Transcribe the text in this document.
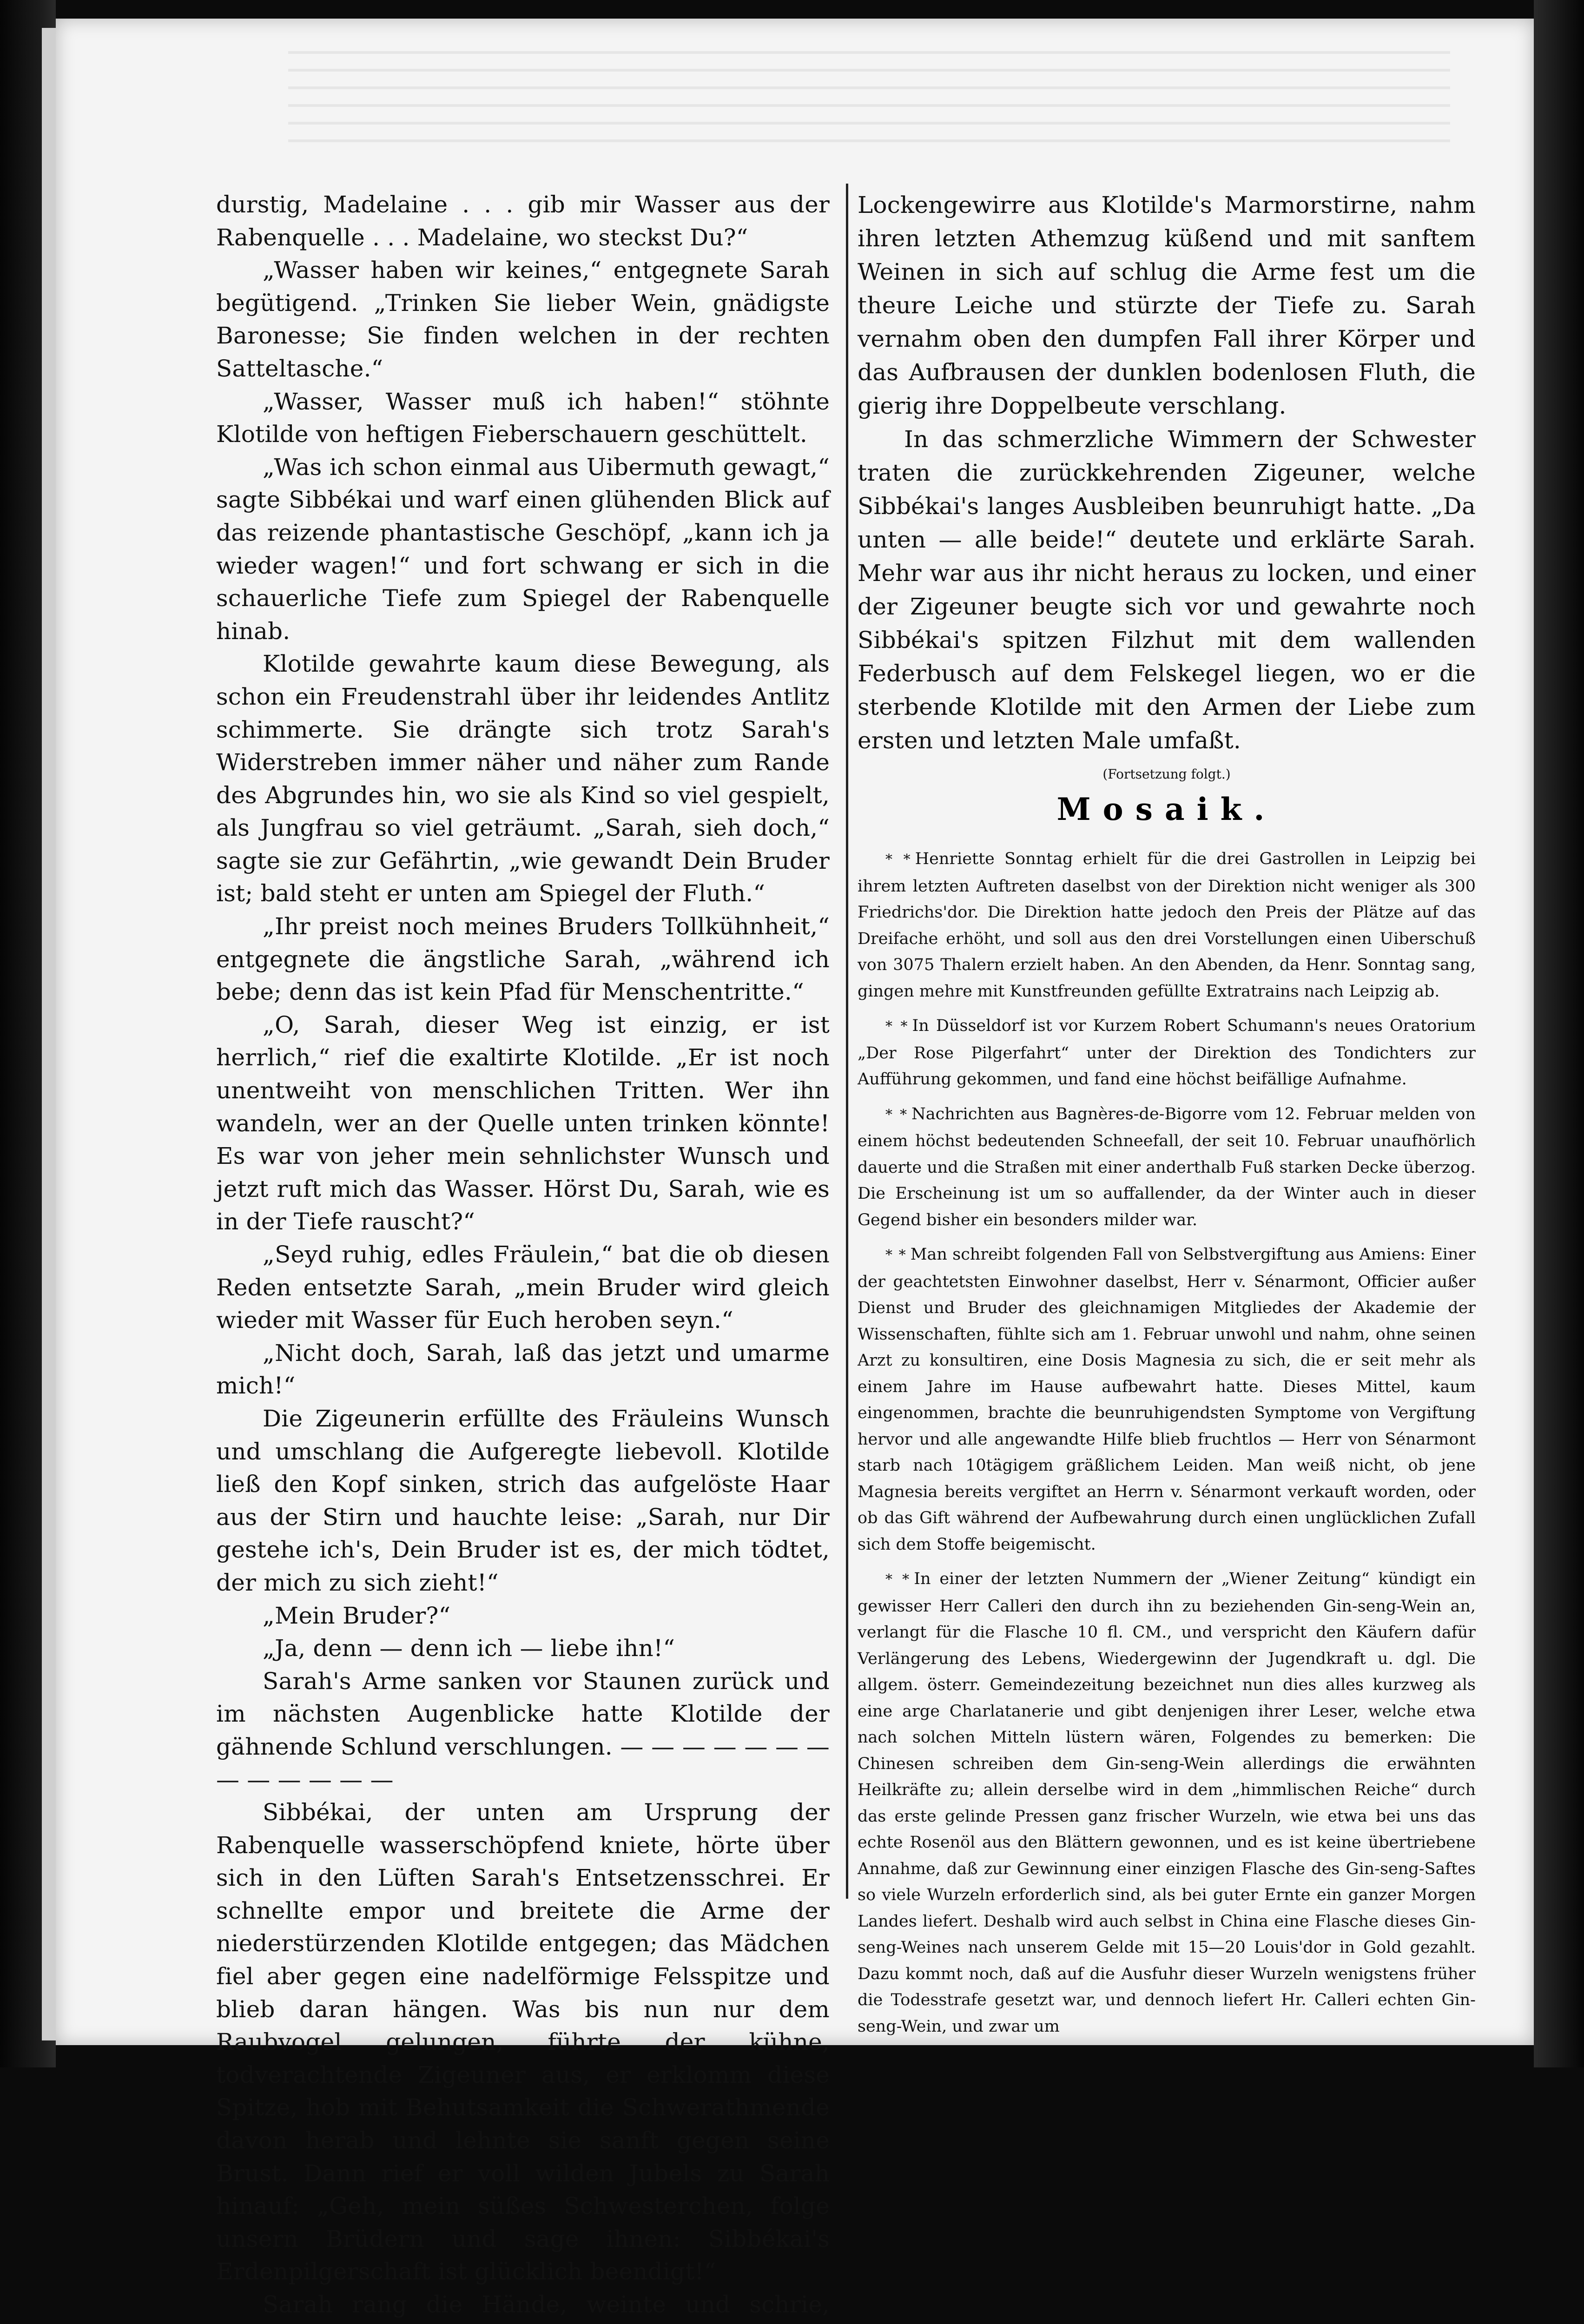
durstig, Madelaine . . . gib mir Wasser aus der Rabenquelle . . . Madelaine, wo steckst Du?“

„Wasser haben wir keines,“ entgegnete Sarah begütigend. „Trinken Sie lieber Wein, gnädigste Baronesse; Sie finden welchen in der rechten Satteltasche.“

„Wasser, Wasser muß ich haben!“ stöhnte Klotilde von heftigen Fieberschauern geschüttelt.

„Was ich schon einmal aus Uibermuth gewagt,“ sagte Sibbékai und warf einen glühenden Blick auf das reizende phantastische Geschöpf, „kann ich ja wieder wagen!“ und fort schwang er sich in die schauerliche Tiefe zum Spiegel der Rabenquelle hinab.

Klotilde gewahrte kaum diese Bewegung, als schon ein Freudenstrahl über ihr leidendes Antlitz schimmerte. Sie drängte sich trotz Sarah's Widerstreben immer näher und näher zum Rande des Abgrundes hin, wo sie als Kind so viel gespielt, als Jungfrau so viel geträumt. „Sarah, sieh doch,“ sagte sie zur Gefährtin, „wie gewandt Dein Bruder ist; bald steht er unten am Spiegel der Fluth.“

„Ihr preist noch meines Bruders Tollkühnheit,“ entgegnete die ängstliche Sarah, „während ich bebe; denn das ist kein Pfad für Menschentritte.“

„O, Sarah, dieser Weg ist einzig, er ist herrlich,“ rief die exaltirte Klotilde. „Er ist noch unentweiht von menschlichen Tritten. Wer ihn wandeln, wer an der Quelle unten trinken könnte! Es war von jeher mein sehnlichster Wunsch und jetzt ruft mich das Wasser. Hörst Du, Sarah, wie es in der Tiefe rauscht?“

„Seyd ruhig, edles Fräulein,“ bat die ob diesen Reden entsetzte Sarah, „mein Bruder wird gleich wieder mit Wasser für Euch heroben seyn.“

„Nicht doch, Sarah, laß das jetzt und umarme mich!“

Die Zigeunerin erfüllte des Fräuleins Wunsch und umschlang die Aufgeregte liebevoll. Klotilde ließ den Kopf sinken, strich das aufgelöste Haar aus der Stirn und hauchte leise: „Sarah, nur Dir gestehe ich's, Dein Bruder ist es, der mich tödtet, der mich zu sich zieht!“

„Mein Bruder?“

„Ja, denn — denn ich — liebe ihn!“

Sarah's Arme sanken vor Staunen zurück und im nächsten Augenblicke hatte Klotilde der gähnende Schlund verschlungen. — — — — — — — — — — — — —

Sibbékai, der unten am Ursprung der Rabenquelle wasserschöpfend kniete, hörte über sich in den Lüften Sarah's Entsetzensschrei. Er schnellte empor und breitete die Arme der niederstürzenden Klotilde entgegen; das Mädchen fiel aber gegen eine nadelförmige Felsspitze und blieb daran hängen. Was bis nun nur dem Raubvogel gelungen, führte der kühne, todverachtende Zigeuner aus, er erklomm diese Spitze, hob mit Behutsamkeit die Schwerathmende davon herab und lehnte sie sanft gegen seine Brust. Dann rief er voll wilden Jubels zu Sarah hinauf: „Geh, mein süßes Schwesterchen, folge unsern Brüdern und sage ihnen: Sibbékai's Erdenpilgerschaft ist glücklich beendigt!“

Sarah rang die Hände, weinte und schrie,

Lockengewirre aus Klotilde's Marmorstirne, nahm ihren letzten Athemzug küßend und mit sanftem Weinen in sich auf schlug die Arme fest um die theure Leiche und stürzte der Tiefe zu. Sarah vernahm oben den dumpfen Fall ihrer Körper und das Aufbrausen der dunklen bodenlosen Fluth, die gierig ihre Doppelbeute verschlang.

In das schmerzliche Wimmern der Schwester traten die zurückkehrenden Zigeuner, welche Sibbékai's langes Ausbleiben beunruhigt hatte. „Da unten — alle beide!“ deutete und erklärte Sarah. Mehr war aus ihr nicht heraus zu locken, und einer der Zigeuner beugte sich vor und gewahrte noch Sibbékai's spitzen Filzhut mit dem wallenden Federbusch auf dem Felskegel liegen, wo er die sterbende Klotilde mit den Armen der Liebe zum ersten und letzten Male umfaßt.

(Fortsetzung folgt.)
Mosaik.

* * Henriette Sonntag erhielt für die drei Gastrollen in Leipzig bei ihrem letzten Auftreten daselbst von der Direktion nicht weniger als 300 Friedrichs'dor. Die Direktion hatte jedoch den Preis der Plätze auf das Dreifache erhöht, und soll aus den drei Vorstellungen einen Uiberschuß von 3075 Thalern erzielt haben. An den Abenden, da Henr. Sonntag sang, gingen mehre mit Kunstfreunden gefüllte Extratrains nach Leipzig ab.

* * In Düsseldorf ist vor Kurzem Robert Schumann's neues Oratorium „Der Rose Pilgerfahrt“ unter der Direktion des Tondichters zur Aufführung gekommen, und fand eine höchst beifällige Aufnahme.

* * Nachrichten aus Bagnères-de-Bigorre vom 12. Februar melden von einem höchst bedeutenden Schneefall, der seit 10. Februar unaufhörlich dauerte und die Straßen mit einer anderthalb Fuß starken Decke überzog. Die Erscheinung ist um so auffallender, da der Winter auch in dieser Gegend bisher ein besonders milder war.

* * Man schreibt folgenden Fall von Selbstvergiftung aus Amiens: Einer der geachtetsten Einwohner daselbst, Herr v. Sénarmont, Officier außer Dienst und Bruder des gleichnamigen Mitgliedes der Akademie der Wissenschaften, fühlte sich am 1. Februar unwohl und nahm, ohne seinen Arzt zu konsultiren, eine Dosis Magnesia zu sich, die er seit mehr als einem Jahre im Hause aufbewahrt hatte. Dieses Mittel, kaum eingenommen, brachte die beunruhigendsten Symptome von Vergiftung hervor und alle angewandte Hilfe blieb fruchtlos — Herr von Sénarmont starb nach 10tägigem gräßlichem Leiden. Man weiß nicht, ob jene Magnesia bereits vergiftet an Herrn v. Sénarmont verkauft worden, oder ob das Gift während der Aufbewahrung durch einen unglücklichen Zufall sich dem Stoffe beigemischt.

* * In einer der letzten Nummern der „Wiener Zeitung“ kündigt ein gewisser Herr Calleri den durch ihn zu beziehenden Gin-seng-Wein an, verlangt für die Flasche 10 fl. CM., und verspricht den Käufern dafür Verlängerung des Lebens, Wiedergewinn der Jugendkraft u. dgl. Die allgem. österr. Gemeindezeitung bezeichnet nun dies alles kurzweg als eine arge Charlatanerie und gibt denjenigen ihrer Leser, welche etwa nach solchen Mitteln lüstern wären, Folgendes zu bemerken: Die Chinesen schreiben dem Gin-seng-Wein allerdings die erwähnten Heilkräfte zu; allein derselbe wird in dem „himmlischen Reiche“ durch das erste gelinde Pressen ganz frischer Wurzeln, wie etwa bei uns das echte Rosenöl aus den Blättern gewonnen, und es ist keine übertriebene Annahme, daß zur Gewinnung einer einzigen Flasche des Gin-seng-Saftes so viele Wurzeln erforderlich sind, als bei guter Ernte ein ganzer Morgen Landes liefert. Deshalb wird auch selbst in China eine Flasche dieses Gin-seng-Weines nach unserem Gelde mit 15—20 Louis'dor in Gold gezahlt. Dazu kommt noch, daß auf die Ausfuhr dieser Wurzeln wenigstens früher die Todesstrafe gesetzt war, und dennoch liefert Hr. Calleri echten Gin-seng-Wein, und zwar um
